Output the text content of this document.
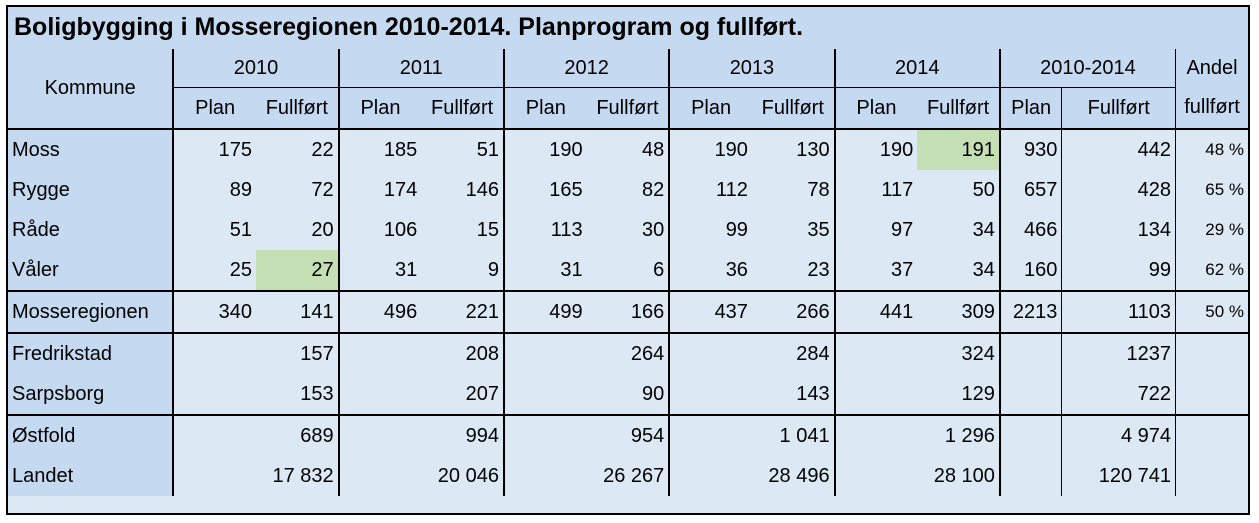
Boligbygging i Mosseregionen 2010-2014. Planprogram og fullført.
Kommune	2010		2011		2012		2013		2014		2010-2014		Andel
	Plan	Fullført	Plan	Fullført	Plan	Fullført	Plan	Fullført	Plan	Fullført	Plan	Fullført	fullført
Moss	175	22	185	51	190	48	190	130	190	191	930	442	48 %
Rygge	89	72	174	146	165	82	112	78	117	50	657	428	65 %
Råde	51	20	106	15	113	30	99	35	97	34	466	134	29 %
Våler	25	27	31	9	31	6	36	23	37	34	160	99	62 %
Mosseregionen	340	141	496	221	499	166	437	266	441	309	2213	1103	50 %
Fredrikstad		157		208		264		284		324		1237	
Sarpsborg		153		207		90		143		129		722	
Østfold		689		994		954		1 041		1 296		4 974	
Landet		17 832		20 046		26 267		28 496		28 100		120 741	
